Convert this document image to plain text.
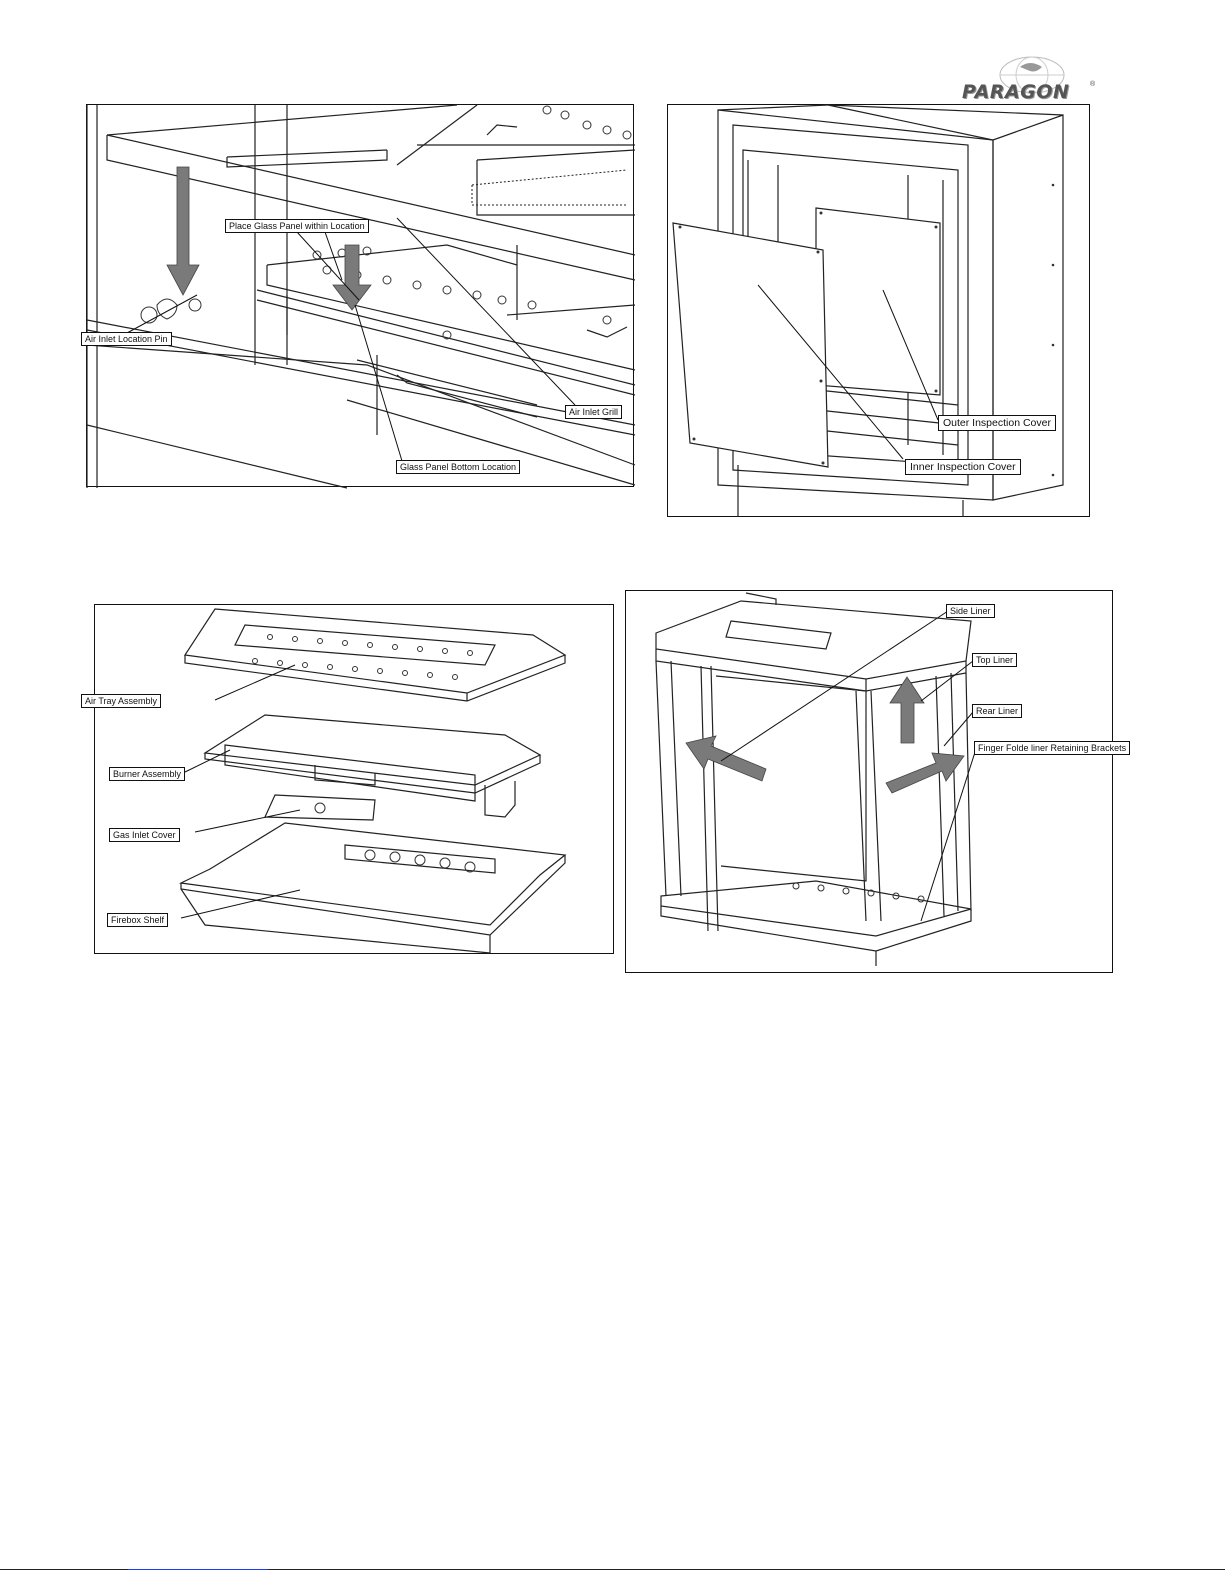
PARAGON	®
Place Glass Panel within Location
Air Inlet Location Pin
Air Inlet Grill
Glass Panel Bottom Location
Outer Inspection Cover
Inner Inspection Cover
Air Tray Assembly
Burner Assembly
Gas Inlet Cover
Firebox Shelf
Side Liner
Top Liner
Rear Liner
Finger Folde liner Retaining Brackets
